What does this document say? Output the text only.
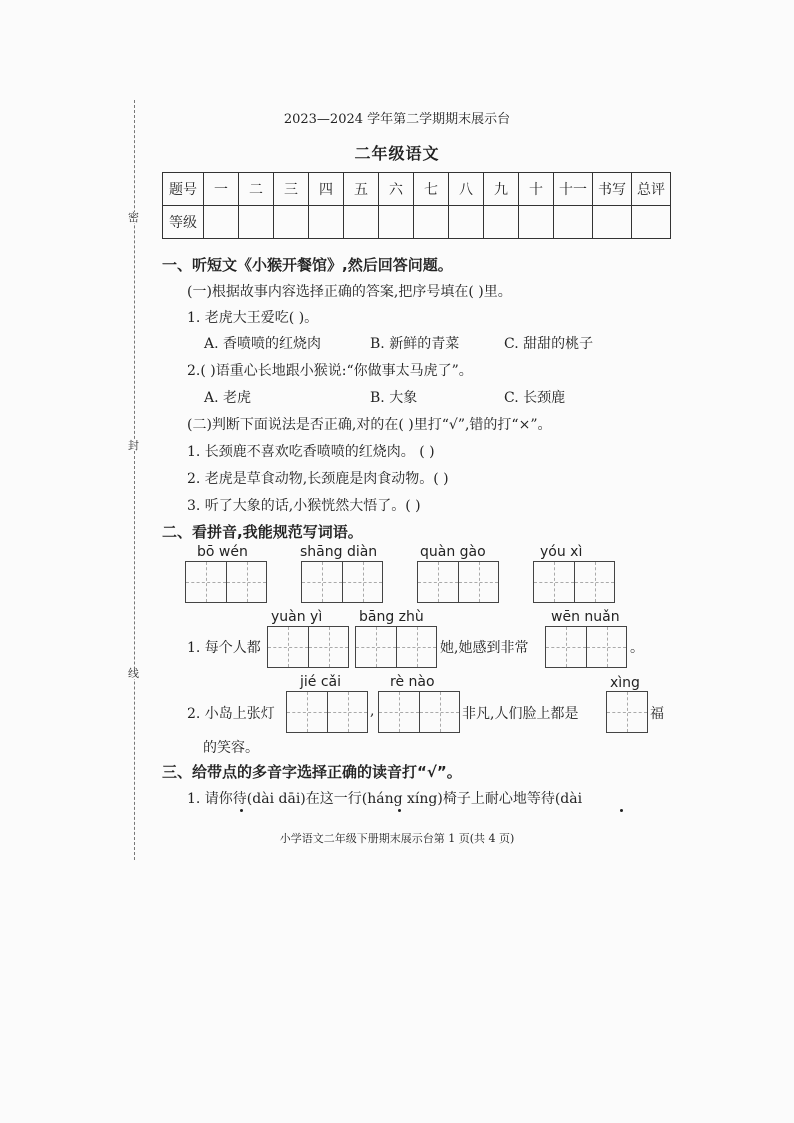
密
封
线
2023—2024 学年第二学期期末展示台
二年级语文
题号	一	二	三	四	五	六	七	八	九	十	十一	书写	总评
等级													
一、听短文《小猴开餐馆》,然后回答问题。
(一)根据故事内容选择正确的答案,把序号填在( )里。
1. 老虎大王爱吃( )。
A. 香喷喷的红烧肉	B. 新鲜的青菜	C. 甜甜的桃子
2.( )语重心长地跟小猴说:“你做事太马虎了”。
A. 老虎	B. 大象	C. 长颈鹿
(二)判断下面说法是否正确,对的在( )里打“√”,错的打“×”。
1. 长颈鹿不喜欢吃香喷喷的红烧肉。 ( )
2. 老虎是草食动物,长颈鹿是肉食动物。( )
3. 听了大象的话,小猴恍然大悟了。( )
二、看拼音,我能规范写词语。
bō wén	shāng diàn	quàn gào	yóu xì
yuàn yì	bāng zhù	wēn nuǎn
1. 每个人都	她,她感到非常	。
jié cǎi	rè nào	xìng
2. 小岛上张灯	,	非凡,人们脸上都是	福
的笑容。
三、给带点的多音字选择正确的读音打“√”。
1. 请你待(dài dāi)在这一行(háng xíng)椅子上耐心地等待(dài
小学语文二年级下册期末展示台第 1 页(共 4 页)
